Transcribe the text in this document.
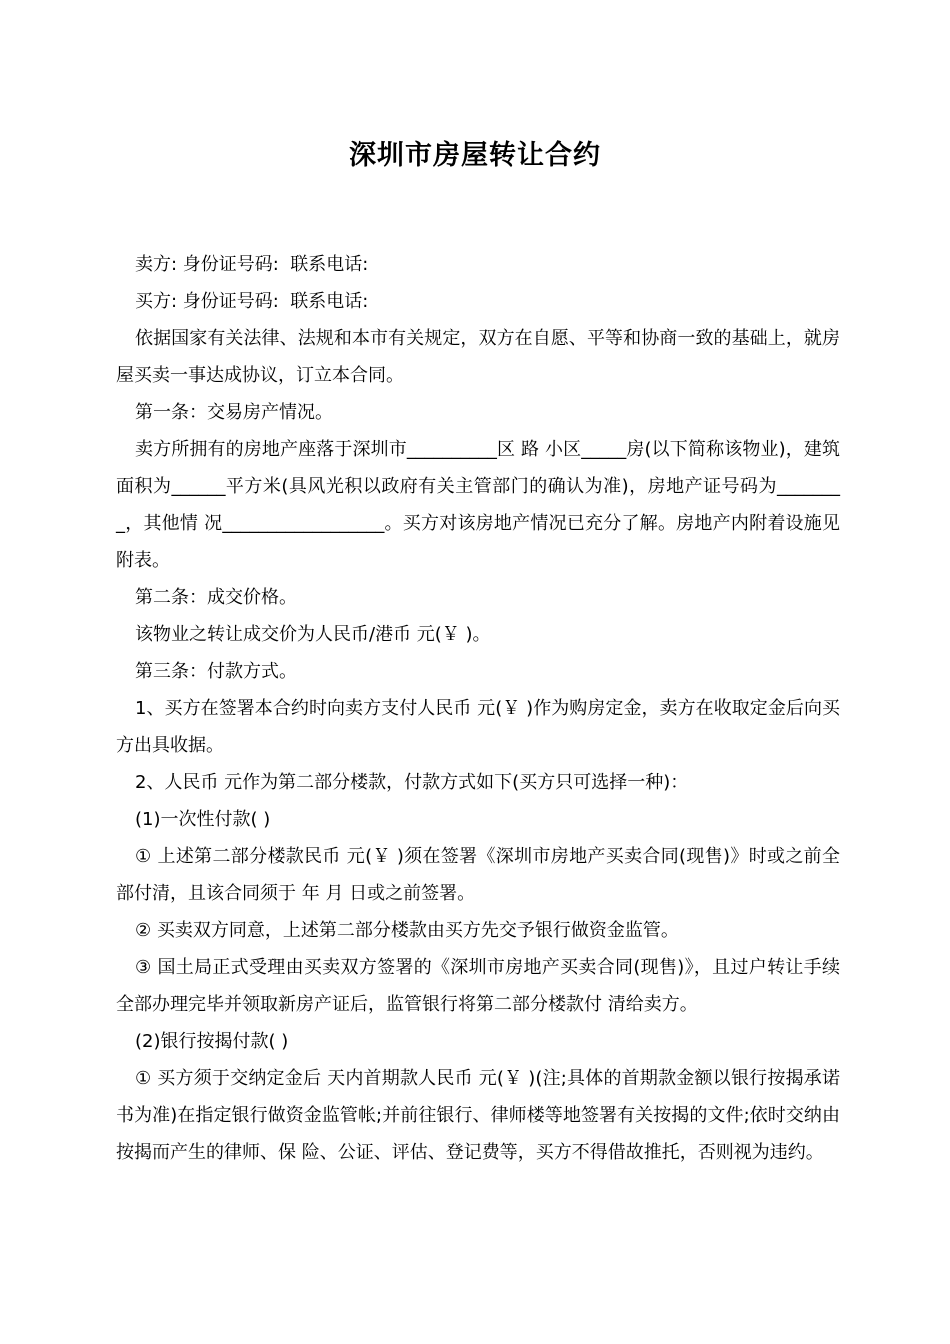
深圳市房屋转让合约

卖方: 身份证号码:  联系电话:

买方: 身份证号码:  联系电话:

依据国家有关法律、法规和本市有关规定，双方在自愿、平等和协商一致的基础上，就房屋买卖一事达成协议，订立本合同。

第一条：交易房产情况。

卖方所拥有的房地产座落于深圳市__________区 路 小区_____房(以下简称该物业)，建筑面积为______平方米(具风光积以政府有关主管部门的确认为准)，房地产证号码为________，其他情 况__________________。买方对该房地产情况已充分了解。房地产内附着设施见附表。

第二条：成交价格。

该物业之转让成交价为人民币/港币 元(￥ )。

第三条：付款方式。

1、买方在签署本合约时向卖方支付人民币 元(￥ )作为购房定金，卖方在收取定金后向买方出具收据。

2、人民币 元作为第二部分楼款，付款方式如下(买方只可选择一种)：

(1)一次性付款( )

① 上述第二部分楼款民币 元(￥ )须在签署《深圳市房地产买卖合同(现售)》时或之前全部付清，且该合同须于 年 月 日或之前签署。

② 买卖双方同意，上述第二部分楼款由买方先交予银行做资金监管。

③ 国土局正式受理由买卖双方签署的《深圳市房地产买卖合同(现售)》，且过户转让手续全部办理完毕并领取新房产证后，监管银行将第二部分楼款付 清给卖方。

(2)银行按揭付款( )

① 买方须于交纳定金后 天内首期款人民币 元(￥ )(注;具体的首期款金额以银行按揭承诺书为准)在指定银行做资金监管帐;并前往银行、律师楼等地签署有关按揭的文件;依时交纳由按揭而产生的律师、保 险、公证、评估、登记费等，买方不得借故推托，否则视为违约。
